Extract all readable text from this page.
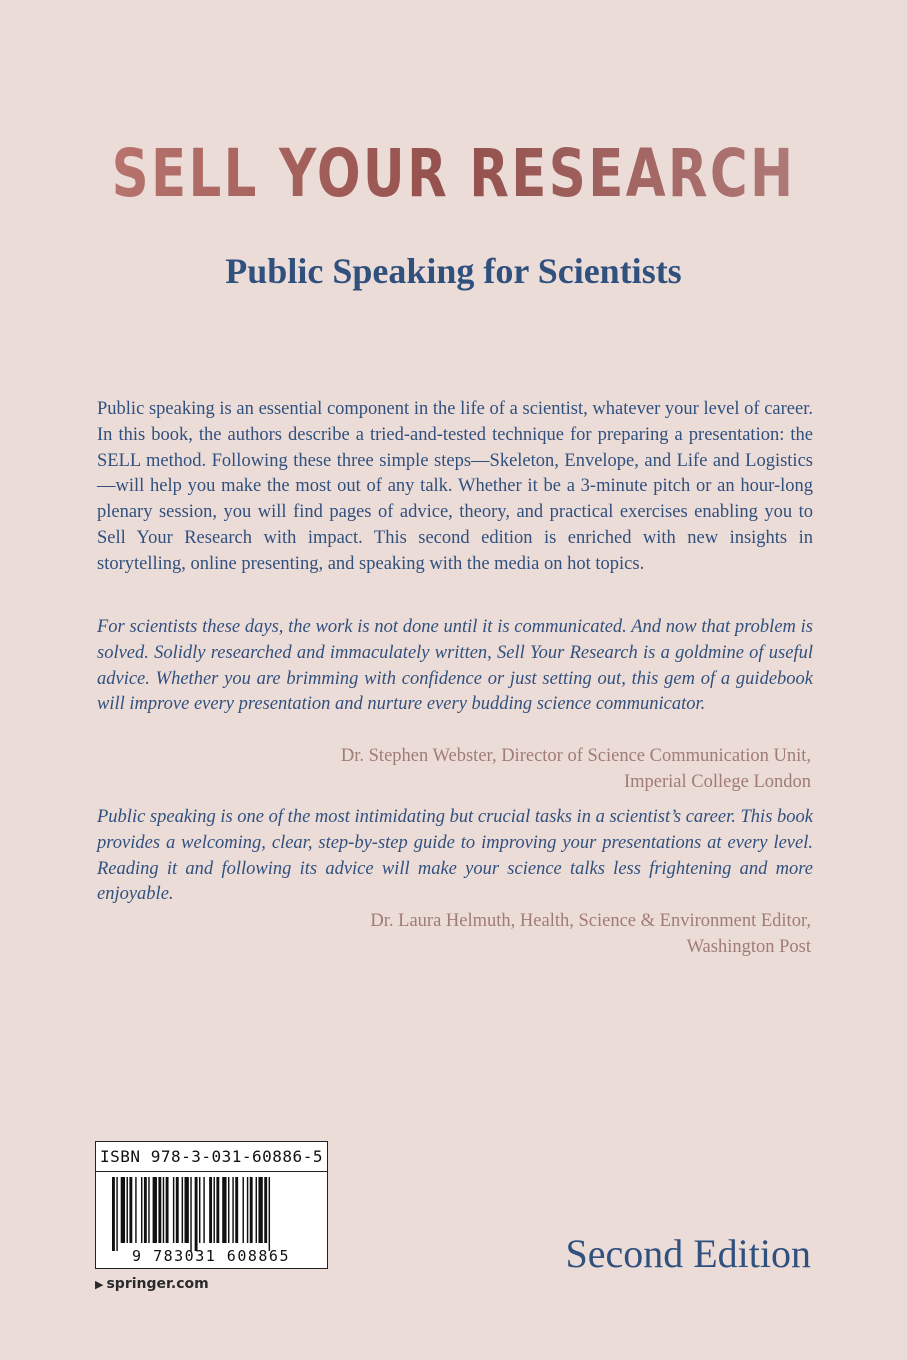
SELL YOUR RESEARCH
Public Speaking for Scientists

Public speaking is an essential component in the life of a scientist, whatever your level of career. In this book, the authors describe a tried-and-tested technique for preparing a presentation: the SELL method. Following these three simple steps—Skeleton, Envelope, and Life and Logistics—will help you make the most out of any talk. Whether it be a 3-minute pitch or an hour-long plenary session, you will find pages of advice, theory, and practical exercises enabling you to Sell Your Research with impact. This second edition is enriched with new insights in storytelling, online presenting, and speaking with the media on hot topics.

For scientists these days, the work is not done until it is communicated. And now that problem is solved. Solidly researched and immaculately written, Sell Your Research is a goldmine of useful advice. Whether you are brimming with confidence or just setting out, this gem of a guidebook will improve every presentation and nurture every budding science communicator.

Dr. Stephen Webster, Director of Science Communication Unit,
Imperial College London

Public speaking is one of the most intimidating but crucial tasks in a scientist’s career. This book provides a welcoming, clear, step-by-step guide to improving your presentations at every level. Reading it and following its advice will make your science talks less frightening and more enjoyable.

Dr. Laura Helmuth, Health, Science & Environment Editor,
Washington Post
ISBN 978-3-031-60886-5
9 783031 608865
▶ springer.com
Second Edition
